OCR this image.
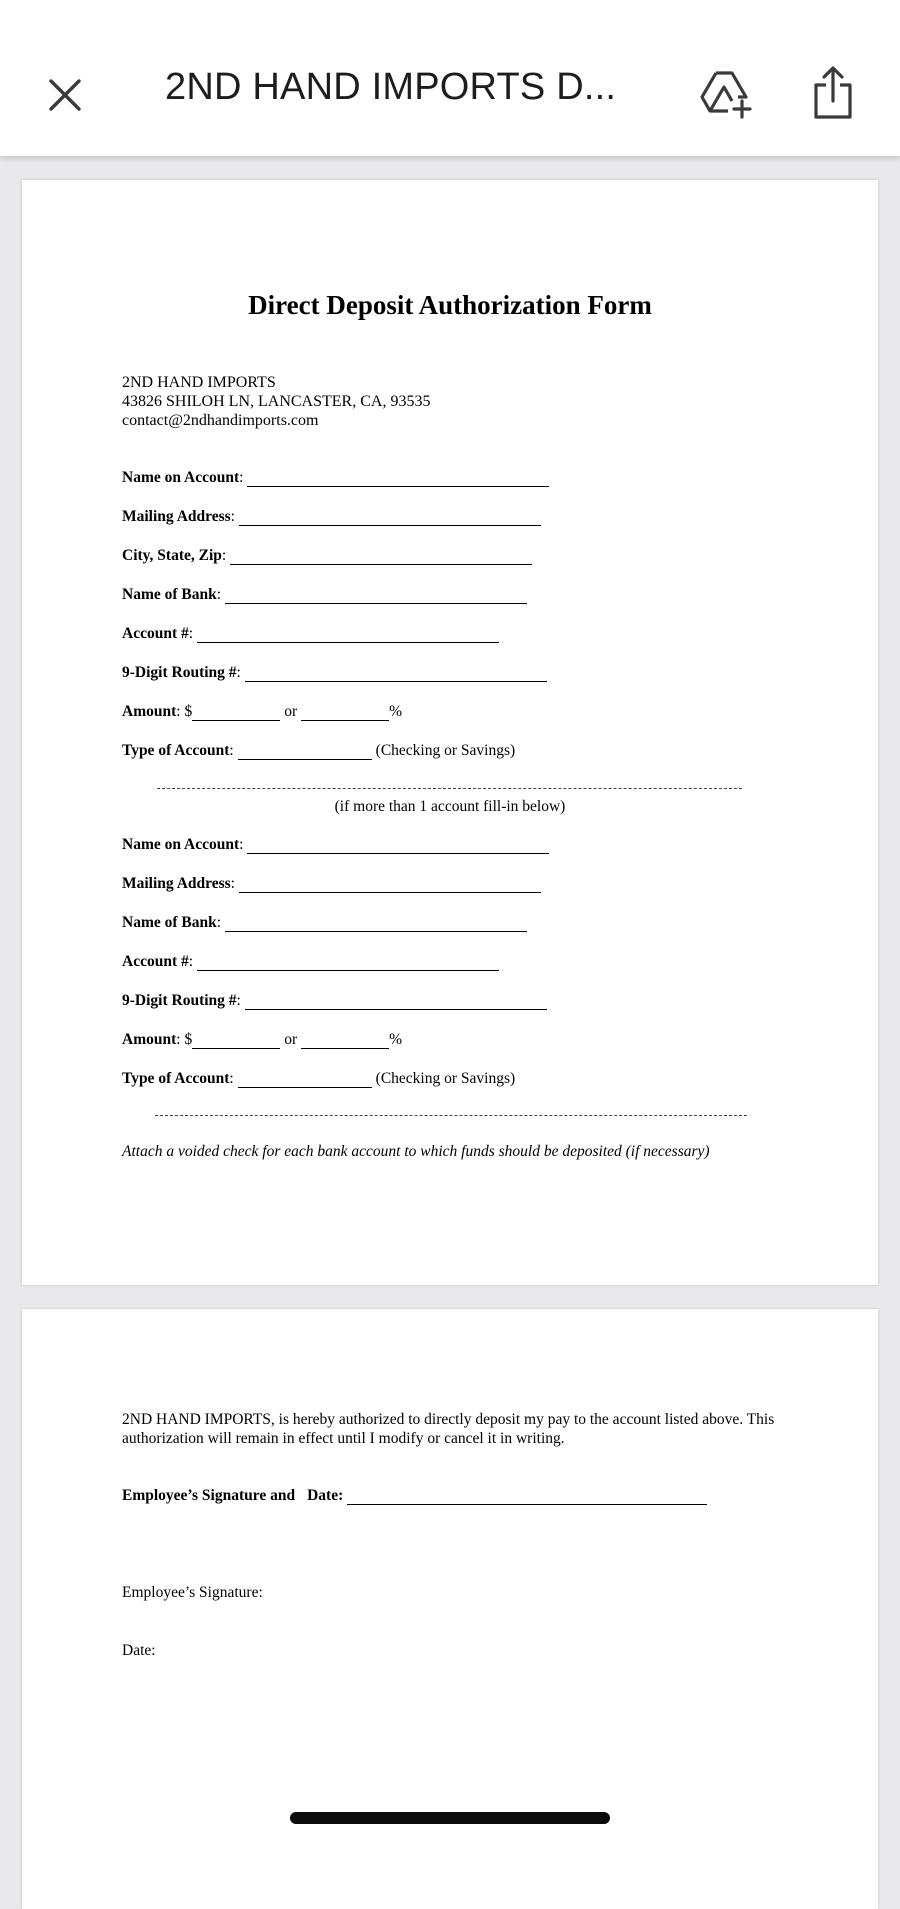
2ND HAND IMPORTS D...
Direct Deposit Authorization Form
2ND HAND IMPORTS
43826 SHILOH LN, LANCASTER, CA, 93535
contact@2ndhandimports.com
Name on Account :
Mailing Address :
City, State, Zip :
Name of Bank :
Account # :
9-Digit Routing # :
Amount : $	or	%
Type of Account :	(Checking or Savings)
(if more than 1 account fill-in below)
Name on Account :
Mailing Address :
Name of Bank :
Account # :
9-Digit Routing # :
Amount : $	or	%
Type of Account :	(Checking or Savings)
Attach a voided check for each bank account to which funds should be deposited (if necessary)
2ND HAND IMPORTS, is hereby authorized to directly deposit my pay to the account listed above. This authorization will remain in effect until I modify or cancel it in writing.
Employee’s Signature and Date:
Employee’s Signature:
Date:
